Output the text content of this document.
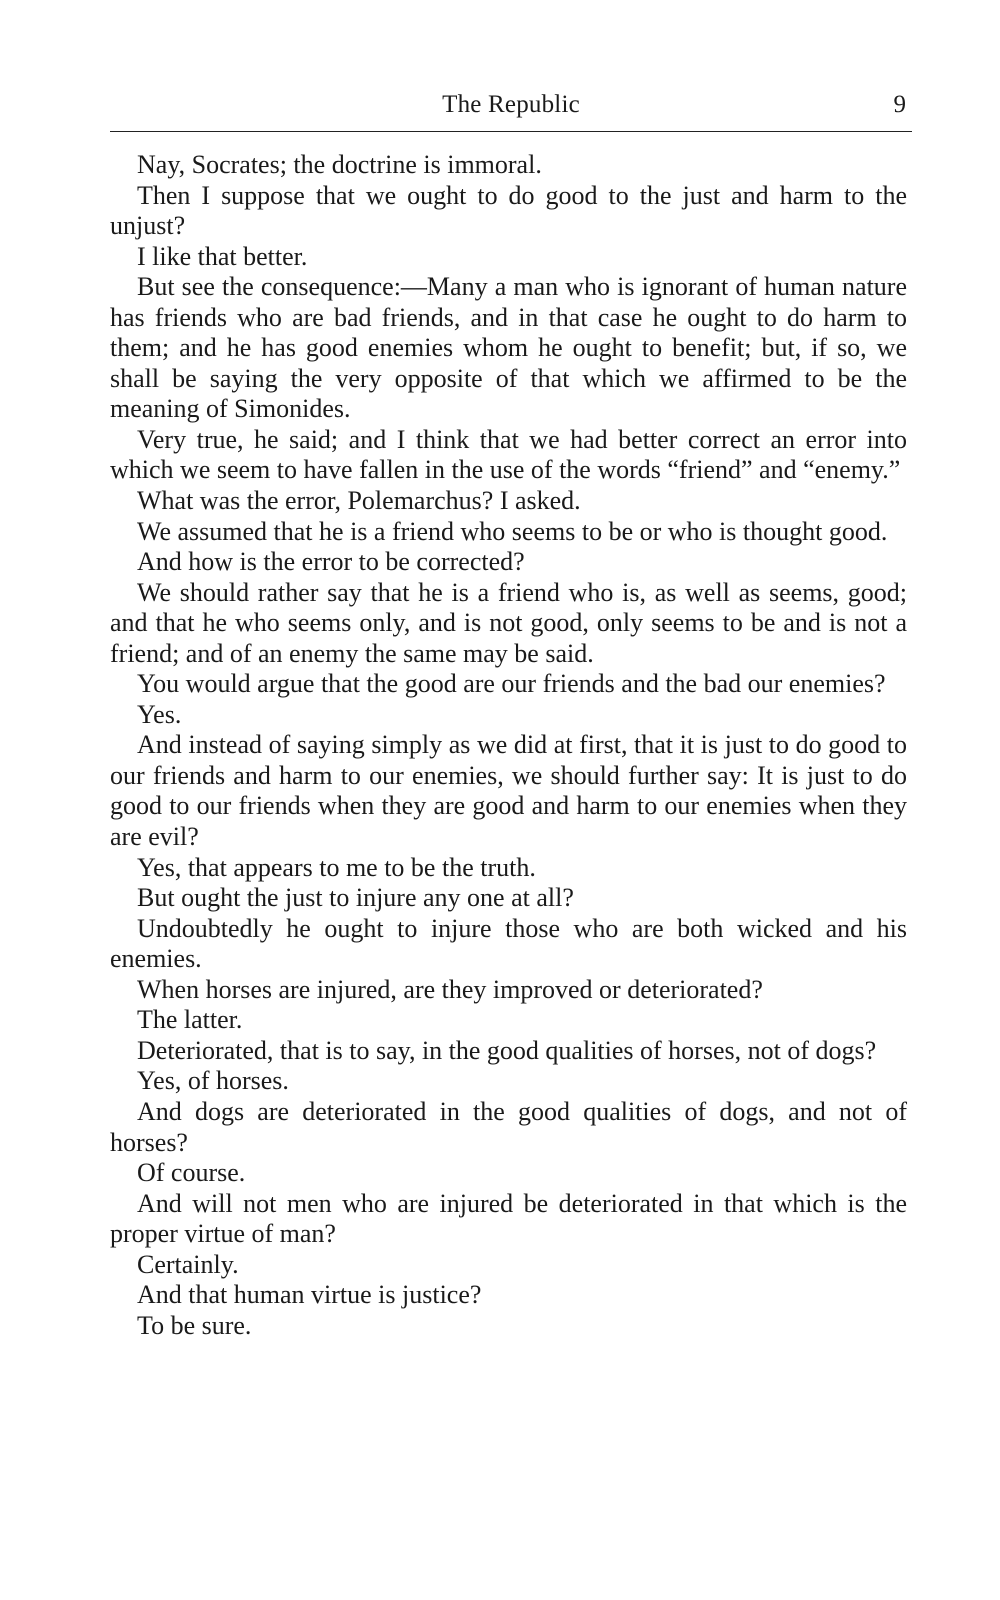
The Republic	9

Nay, Socrates; the doctrine is immoral.

Then I suppose that we ought to do good to the just and harm to the unjust?

I like that better.

But see the consequence:—Many a man who is ignorant of human nature has friends who are bad friends, and in that case he ought to do harm to them; and he has good enemies whom he ought to benefit; but, if so, we shall be saying the very opposite of that which we affirmed to be the meaning of Simonides.

Very true, he said; and I think that we had better correct an error into which we seem to have fallen in the use of the words “friend” and “enemy.”

What was the error, Polemarchus? I asked.

We assumed that he is a friend who seems to be or who is thought good.

And how is the error to be corrected?

We should rather say that he is a friend who is, as well as seems, good; and that he who seems only, and is not good, only seems to be and is not a friend; and of an enemy the same may be said.

You would argue that the good are our friends and the bad our enemies?

Yes.

And instead of saying simply as we did at first, that it is just to do good to our friends and harm to our enemies, we should further say: It is just to do good to our friends when they are good and harm to our enemies when they are evil?

Yes, that appears to me to be the truth.

But ought the just to injure any one at all?

Undoubtedly he ought to injure those who are both wicked and his enemies.

When horses are injured, are they improved or deteriorated?

The latter.

Deteriorated, that is to say, in the good qualities of horses, not of dogs?

Yes, of horses.

And dogs are deteriorated in the good qualities of dogs, and not of horses?

Of course.

And will not men who are injured be deteriorated in that which is the proper virtue of man?

Certainly.

And that human virtue is justice?

To be sure.
